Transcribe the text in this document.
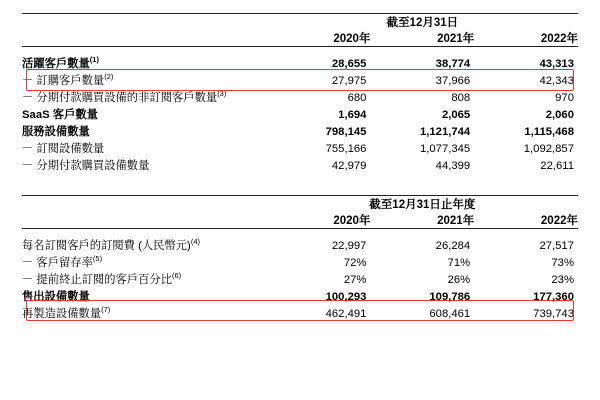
	截至12月31日		
	2020年	2021年	2022年

活躍客戶數量$^{(1)}$	28,655	38,774	43,313
－ 訂購客戶數量$^{(2)}$	27,975	37,966	42,343
－ 分期付款購買設備的非訂閱客戶數量$^{(3)}$	680	808	970
SaaS 客戶數量	1,694	2,065	2,060
服務設備數量	798,145	1,121,744	1,115,468
－ 訂閱設備數量	755,166	1,077,345	1,092,857
－ 分期付款購買設備數量	42,979	44,399	22,611
	截至12月31日止年度		
	2020年	2021年	2022年

每名訂閱客戶的訂閱費 (人民幣元)$^{(4)}$	22,997	26,284	27,517
－ 客戶留存率$^{(5)}$	72%	71%	73%
－ 提前終止訂閱的客戶百分比$^{(6)}$	27%	26%	23%
售出設備數量	100,293	109,786	177,360
再製造設備數量$^{(7)}$	462,491	608,461	739,743
